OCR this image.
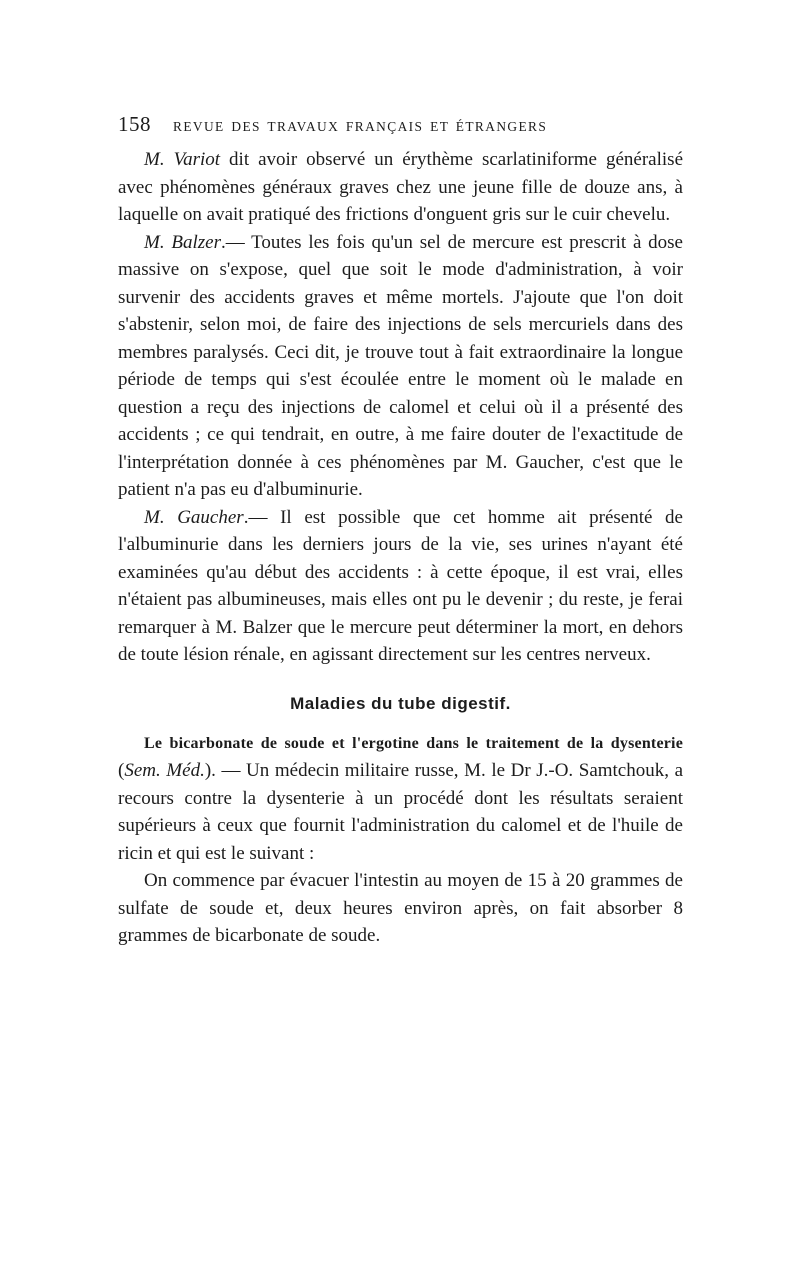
158 REVUE DES TRAVAUX FRANÇAIS ET ÉTRANGERS

M. Variot dit avoir observé un érythème scarlatiniforme généralisé avec phénomènes généraux graves chez une jeune fille de douze ans, à laquelle on avait pratiqué des frictions d'onguent gris sur le cuir chevelu.

M. Balzer.— Toutes les fois qu'un sel de mercure est prescrit à dose massive on s'expose, quel que soit le mode d'administration, à voir survenir des accidents graves et même mortels. J'ajoute que l'on doit s'abstenir, selon moi, de faire des injections de sels mercuriels dans des membres paralysés. Ceci dit, je trouve tout à fait extraordinaire la longue période de temps qui s'est écoulée entre le moment où le malade en question a reçu des injections de calomel et celui où il a présenté des accidents ; ce qui tendrait, en outre, à me faire douter de l'exactitude de l'interprétation donnée à ces phénomènes par M. Gaucher, c'est que le patient n'a pas eu d'albuminurie.

M. Gaucher.— Il est possible que cet homme ait présenté de l'albuminurie dans les derniers jours de la vie, ses urines n'ayant été examinées qu'au début des accidents : à cette époque, il est vrai, elles n'étaient pas albumineuses, mais elles ont pu le devenir ; du reste, je ferai remarquer à M. Balzer que le mercure peut déterminer la mort, en dehors de toute lésion rénale, en agissant directement sur les centres nerveux.

Maladies du tube digestif.

Le bicarbonate de soude et l'ergotine dans le traitement de la dysenterie (Sem. Méd.). — Un médecin militaire russe, M. le Dr J.-O. Samtchouk, a recours contre la dysenterie à un procédé dont les résultats seraient supérieurs à ceux que fournit l'administration du calomel et de l'huile de ricin et qui est le suivant :

On commence par évacuer l'intestin au moyen de 15 à 20 grammes de sulfate de soude et, deux heures environ après, on fait absorber 8 grammes de bicarbonate de soude.
